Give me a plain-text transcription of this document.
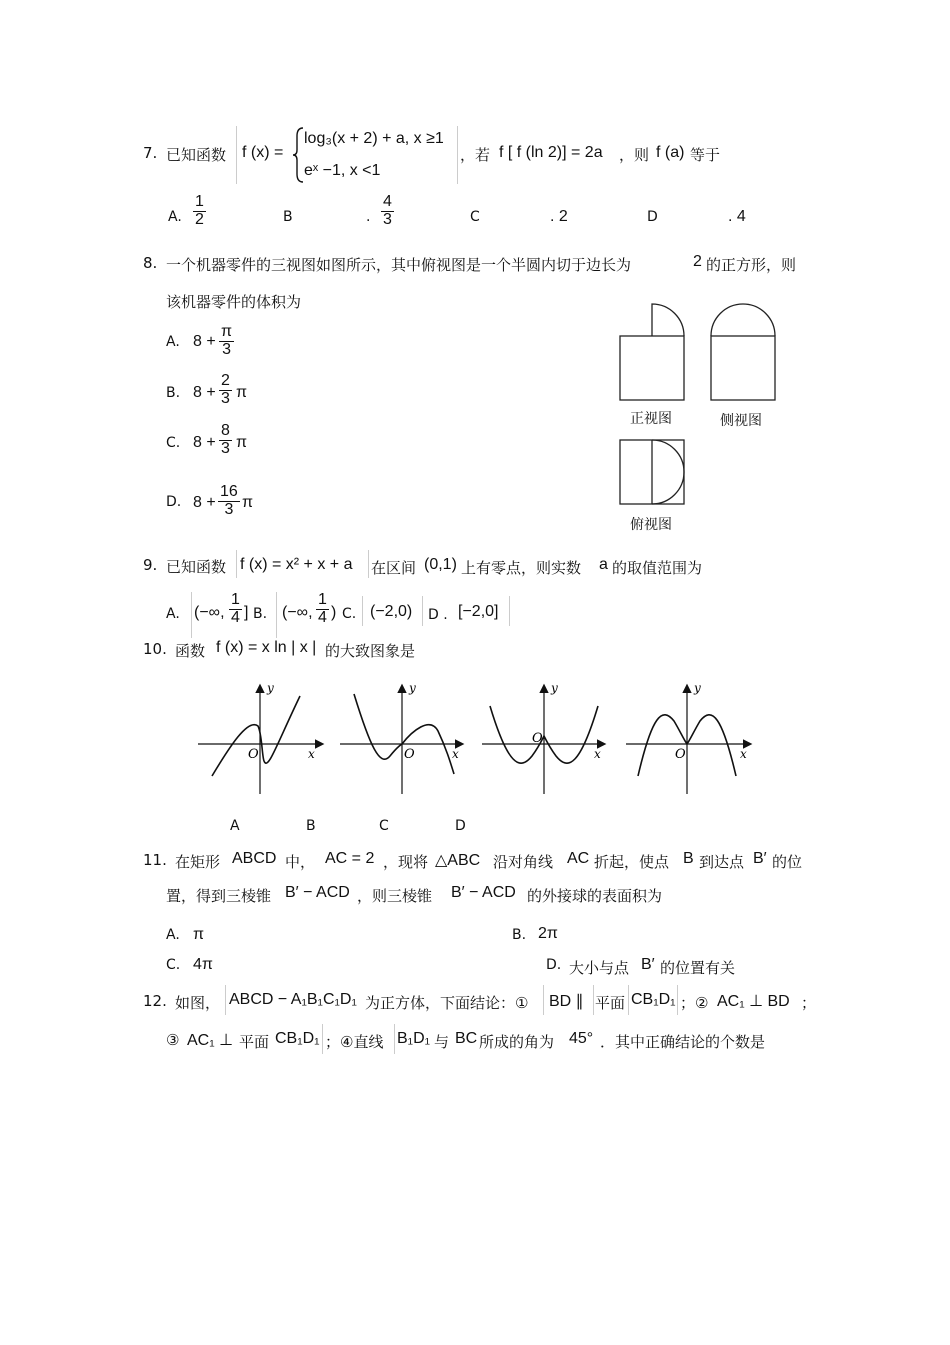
7. 已知函数 f (x) =
log₃(x + 2) + a, x ≥1
eˣ −1, x <1
，若 f [ f (ln 2)] = 2a ，则 f (a) 等于
A. $\frac{1}{2}$	B	. $\frac{4}{3}$	C	. 2	D	. 4
8. 一个机器零件的三视图如图所示，其中俯视图是一个半圆内切于边长为	2 的正方形，则
该机器零件的体积为
A. $8 + \frac{\pi}{3}$
B. $8 + \frac{2}{3}$ π
C. $8 + \frac{8}{3}$ π
D. $8 + \frac{16}{3}$ π
正视图	侧视图
俯视图
9. 已知函数 f (x) = x² + x + a 在区间 (0,1) 上有零点，则实数 a 的取值范围为
A. (−∞, $\frac{1}{4}$ ] B. (−∞, $\frac{1}{4}$ ) C. (−2,0) D . [−2,0]
10. 函数 f (x) = x ln | x | 的大致图象是
y
x
O
y
x
O
y
x
O
y
x
O
A	B	C	D
11. 在矩形 ABCD 中， AC = 2 ，现将 △ABC 沿对角线 AC 折起，使点 B 到达点 B′ 的位
置，得到三棱锥 B′ − ACD ，则三棱锥 B′ − ACD 的外接球的表面积为
A. π	B. 2π
C. 4π	D. 大小与点 B′ 的位置有关
12. 如图， ABCD − A₁B₁C₁D₁ 为正方体，下面结论：① BD ∥ 平面 CB₁D₁ ；② AC₁ ⊥ BD ；
③ AC₁ ⊥ 平面 CB₁D₁ ；④直线 B₁D₁ 与 BC 所成的角为 45° ．其中正确结论的个数是
